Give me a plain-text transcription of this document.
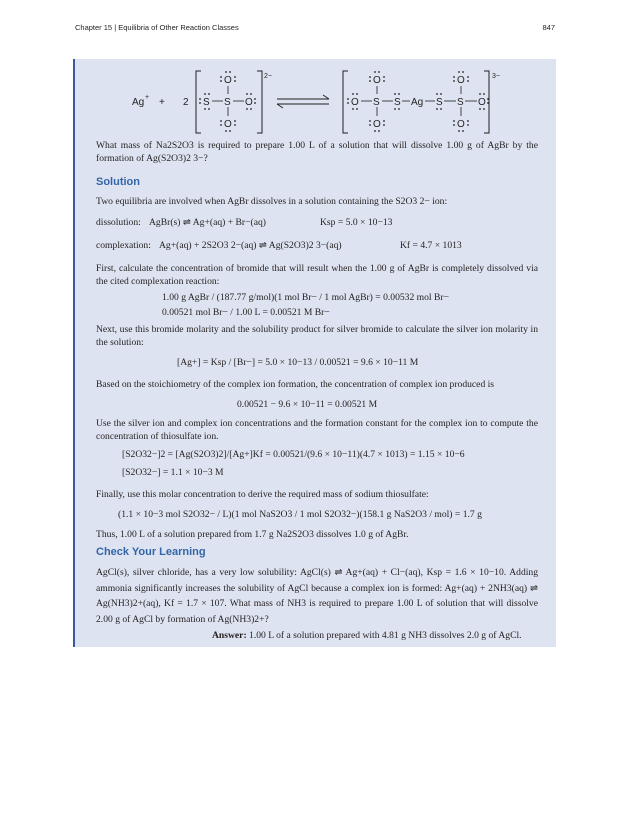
Chapter 15 | Equilibria of Other Reaction Classes	847
Ag + + 2
2−
S S O
O
O
3−
O S S Ag S S O
O
O
O
O
What mass of Na2S2O3 is required to prepare 1.00 L of a solution that will dissolve 1.00 g of AgBr by the formation of Ag(S2O3)2 3−?
Solution
Two equilibria are involved when AgBr dissolves in a solution containing the S2O3 2− ion:
dissolution: AgBr(s) ⇌ Ag+(aq) + Br−(aq)	Ksp = 5.0 × 10−13
complexation: Ag+(aq) + 2S2O3 2−(aq) ⇌ Ag(S2O3)2 3−(aq)	Kf = 4.7 × 1013
First, calculate the concentration of bromide that will result when the 1.00 g of AgBr is completely dissolved via the cited complexation reaction:
1.00 g AgBr / (187.77 g/mol)(1 mol Br− / 1 mol AgBr) = 0.00532 mol Br−
0.00521 mol Br− / 1.00 L = 0.00521 M Br−
Next, use this bromide molarity and the solubility product for silver bromide to calculate the silver ion molarity in the solution:
[Ag+] = Ksp / [Br−] = 5.0 × 10−13 / 0.00521 = 9.6 × 10−11 M
Based on the stoichiometry of the complex ion formation, the concentration of complex ion produced is
0.00521 − 9.6 × 10−11 = 0.00521 M
Use the silver ion and complex ion concentrations and the formation constant for the complex ion to compute the concentration of thiosulfate ion.
[S2O32−]2 = [Ag(S2O3)2]/[Ag+]Kf = 0.00521/(9.6 × 10−11)(4.7 × 1013) = 1.15 × 10−6
[S2O32−] = 1.1 × 10−3 M
Finally, use this molar concentration to derive the required mass of sodium thiosulfate:
(1.1 × 10−3 mol S2O32− / L)(1 mol NaS2O3 / 1 mol S2O32−)(158.1 g NaS2O3 / mol) = 1.7 g
Thus, 1.00 L of a solution prepared from 1.7 g Na2S2O3 dissolves 1.0 g of AgBr.
Check Your Learning
AgCl(s), silver chloride, has a very low solubility: AgCl(s) ⇌ Ag+(aq) + Cl−(aq), Ksp = 1.6 × 10−10. Adding ammonia significantly increases the solubility of AgCl because a complex ion is formed: Ag+(aq) + 2NH3(aq) ⇌ Ag(NH3)2+(aq), Kf = 1.7 × 107. What mass of NH3 is required to prepare 1.00 L of solution that will dissolve 2.00 g of AgCl by formation of Ag(NH3)2+?
Answer: 1.00 L of a solution prepared with 4.81 g NH3 dissolves 2.0 g of AgCl.
